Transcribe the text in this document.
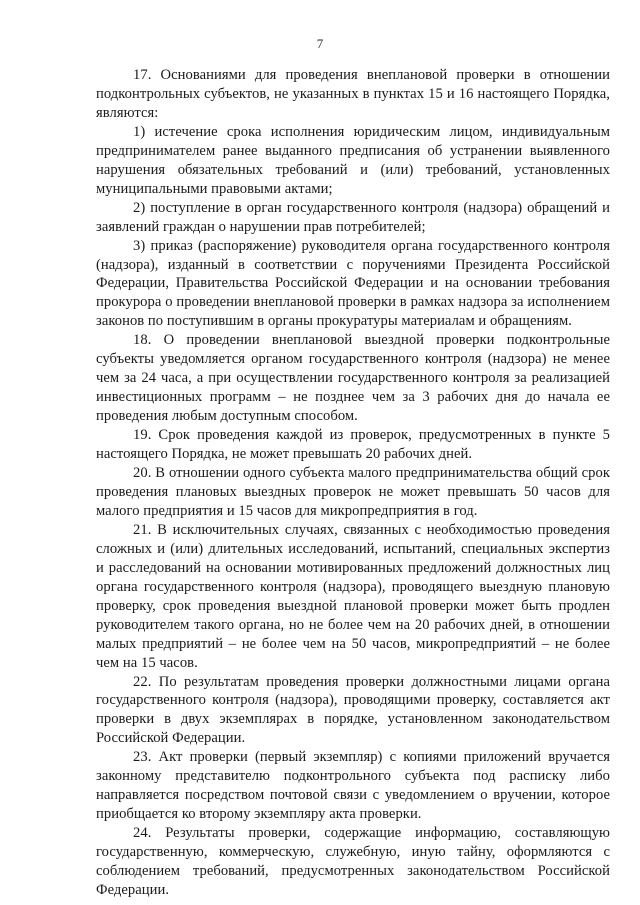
7

17. Основаниями для проведения внеплановой проверки в отношении подконтрольных субъектов, не указанных в пунктах 15 и 16 настоящего Порядка, являются:

1) истечение срока исполнения юридическим лицом, индивидуальным предпринимателем ранее выданного предписания об устранении выявленного нарушения обязательных требований и (или) требований, установленных муниципальными правовыми актами;

2) поступление в орган государственного контроля (надзора) обращений и заявлений граждан о нарушении прав потребителей;

3) приказ (распоряжение) руководителя органа государственного контроля (надзора), изданный в соответствии с поручениями Президента Российской Федерации, Правительства Российской Федерации и на основании требования прокурора о проведении внеплановой проверки в рамках надзора за исполнением законов по поступившим в органы прокуратуры материалам и обращениям.

18. О проведении внеплановой выездной проверки подконтрольные субъекты уведомляется органом государственного контроля (надзора) не менее чем за 24 часа, а при осуществлении государственного контроля за реализацией инвестиционных программ – не позднее чем за 3 рабочих дня до начала ее проведения любым доступным способом.

19. Срок проведения каждой из проверок, предусмотренных в пункте 5 настоящего Порядка, не может превышать 20 рабочих дней.

20. В отношении одного субъекта малого предпринимательства общий срок проведения плановых выездных проверок не может превышать 50 часов для малого предприятия и 15 часов для микропредприятия в год.

21. В исключительных случаях, связанных с необходимостью проведения сложных и (или) длительных исследований, испытаний, специальных экспертиз и расследований на основании мотивированных предложений должностных лиц органа государственного контроля (надзора), проводящего выездную плановую проверку, срок проведения выездной плановой проверки может быть продлен руководителем такого органа, но не более чем на 20 рабочих дней, в отношении малых предприятий – не более чем на 50 часов, микропредприятий – не более чем на 15 часов.

22. По результатам проведения проверки должностными лицами органа государственного контроля (надзора), проводящими проверку, составляется акт проверки в двух экземплярах в порядке, установленном законодательством Российской Федерации.

23. Акт проверки (первый экземпляр) с копиями приложений вручается законному представителю подконтрольного субъекта под расписку либо направляется посредством почтовой связи с уведомлением о вручении, которое приобщается ко второму экземпляру акта проверки.

24. Результаты проверки, содержащие информацию, составляющую государственную, коммерческую, служебную, иную тайну, оформляются с соблюдением требований, предусмотренных законодательством Российской Федерации.
